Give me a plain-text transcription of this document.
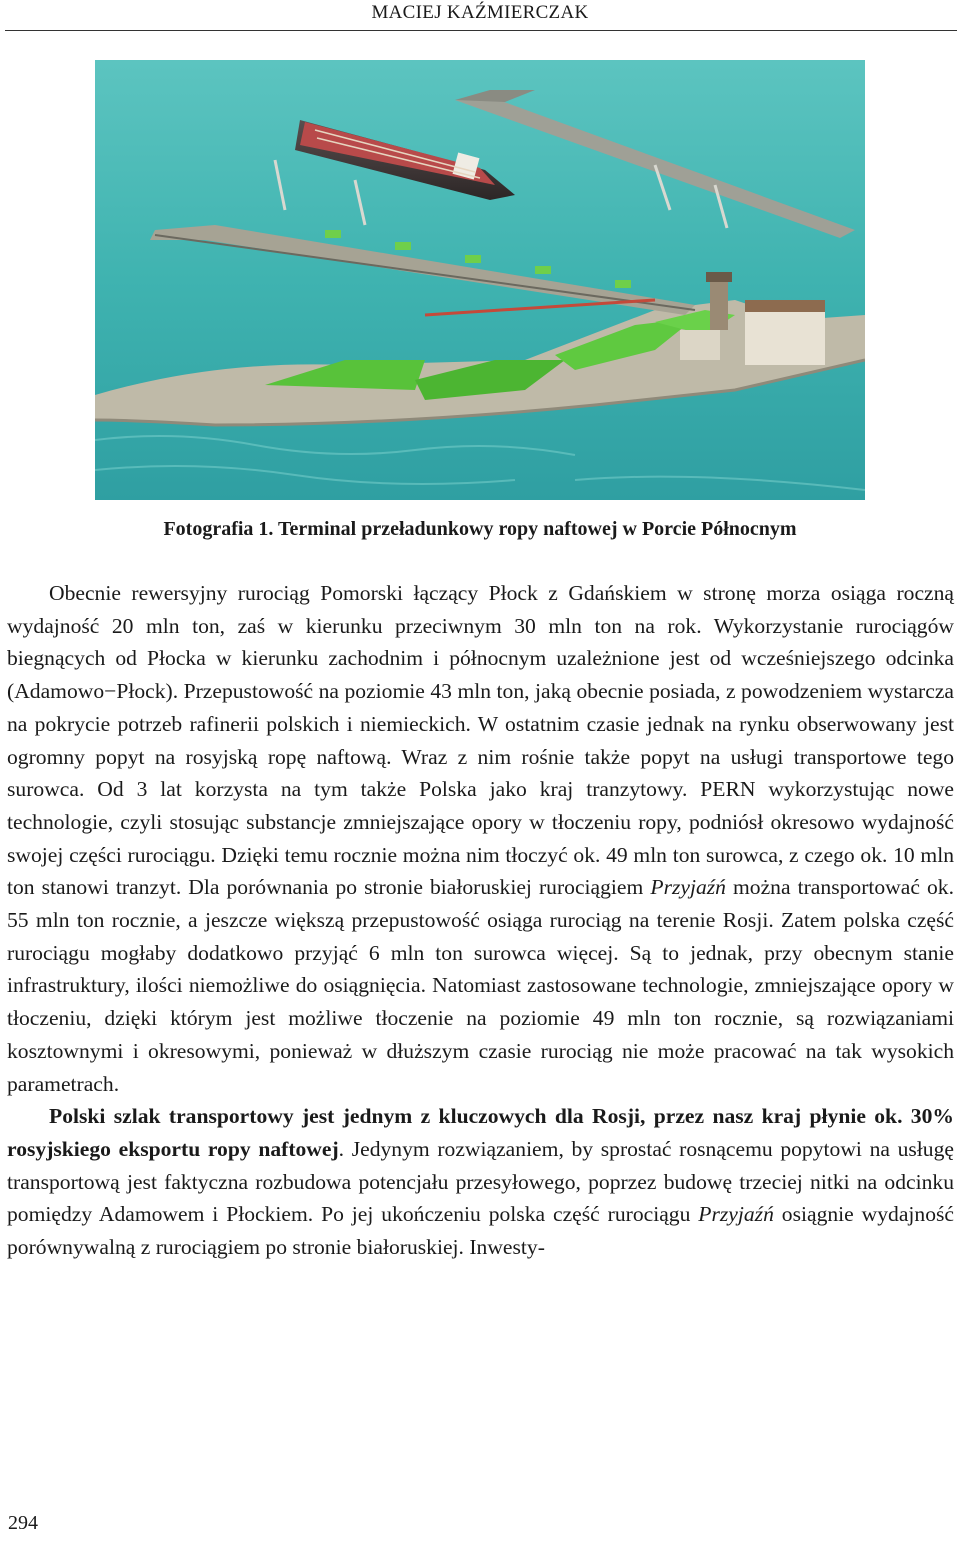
MACIEJ KAŹMIERCZAK
Fotografia 1. Terminal przeładunkowy ropy naftowej w Porcie Północnym

Obecnie rewersyjny rurociąg Pomorski łączący Płock z Gdańskiem w stronę morza osiąga roczną wydajność 20 mln ton, zaś w kierunku przeciwnym 30 mln ton na rok. Wykorzystanie rurociągów biegnących od Płocka w kierunku zachodnim i północnym uzależnione jest od wcześniejszego odcinka (Adamowo−Płock). Przepustowość na poziomie 43 mln ton, jaką obecnie posiada, z powodzeniem wystarcza na pokrycie potrzeb rafinerii polskich i niemieckich. W ostatnim czasie jednak na rynku obserwowany jest ogromny popyt na rosyjską ropę naftową. Wraz z nim rośnie także popyt na usługi transportowe tego surowca. Od 3 lat korzysta na tym także Polska jako kraj tranzytowy. PERN wykorzystując nowe technologie, czyli stosując substancje zmniejszające opory w tłoczeniu ropy, podniósł okresowo wydajność swojej części rurociągu. Dzięki temu rocznie można nim tłoczyć ok. 49 mln ton surowca, z czego ok. 10 mln ton stanowi tranzyt. Dla porównania po stronie białoruskiej rurociągiem Przyjaźń można transportować ok. 55 mln ton rocznie, a jeszcze większą przepustowość osiąga rurociąg na terenie Rosji. Zatem polska część rurociągu mogłaby dodatkowo przyjąć 6 mln ton surowca więcej. Są to jednak, przy obecnym stanie infrastruktury, ilości niemożliwe do osiągnięcia. Natomiast zastosowane technologie, zmniejszające opory w tłoczeniu, dzięki którym jest możliwe tłoczenie na poziomie 49 mln ton rocznie, są rozwiązaniami kosztownymi i okresowymi, ponieważ w dłuższym czasie rurociąg nie może pracować na tak wysokich parametrach.

Polski szlak transportowy jest jednym z kluczowych dla Rosji, przez nasz kraj płynie ok. 30% rosyjskiego eksportu ropy naftowej. Jedynym rozwiązaniem, by sprostać rosnącemu popytowi na usługę transportową jest faktyczna rozbudowa potencjału przesyłowego, poprzez budowę trzeciej nitki na odcinku pomiędzy Adamowem i Płockiem. Po jej ukończeniu polska część rurociągu Przyjaźń osiągnie wydajność porównywalną z rurociągiem po stronie białoruskiej. Inwesty-

294
